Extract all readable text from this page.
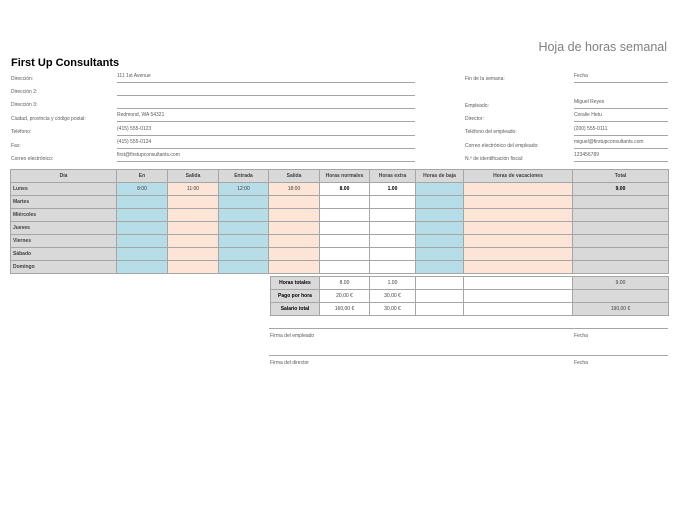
Hoja de horas semanal
First Up Consultants
Dirección:	111 1st Avenue
Dirección 2:
Dirección 3:
Ciudad, provincia y código postal:
Redmond, WA 54321
Teléfono:	(415) 555-0123
Fax:
(415) 555-0124
Correo electrónico:
first@firstupconsultants.com
Fin de la semana:	Fecha
Empleado:
Miguel Reyes
Director:
Coralie Hetu
Teléfono del empleado:	(200) 555-0111
Correo electrónico del empleado:
miguel@firstupconsultants.com
N.º de identificación fiscal:
123456789
Día	En	Salida	Entrada	Salida	Horas normales	Horas extra	Horas de baja	Horas de vacaciones	Total
Lunes	8:00	11:00	12:00	18:00	8.00	1.00			9.00
Martes									
Miércoles									
Jueves									
Viernes									
Sábado									
Domingo									
Horas totales	8.00	1.00			9.00
Pago por hora	20,00 €	30,00 €			
Salario total	160,00 €	30,00 €			190,00 €
Firma del empleado	Fecha
Firma del director	Fecha
